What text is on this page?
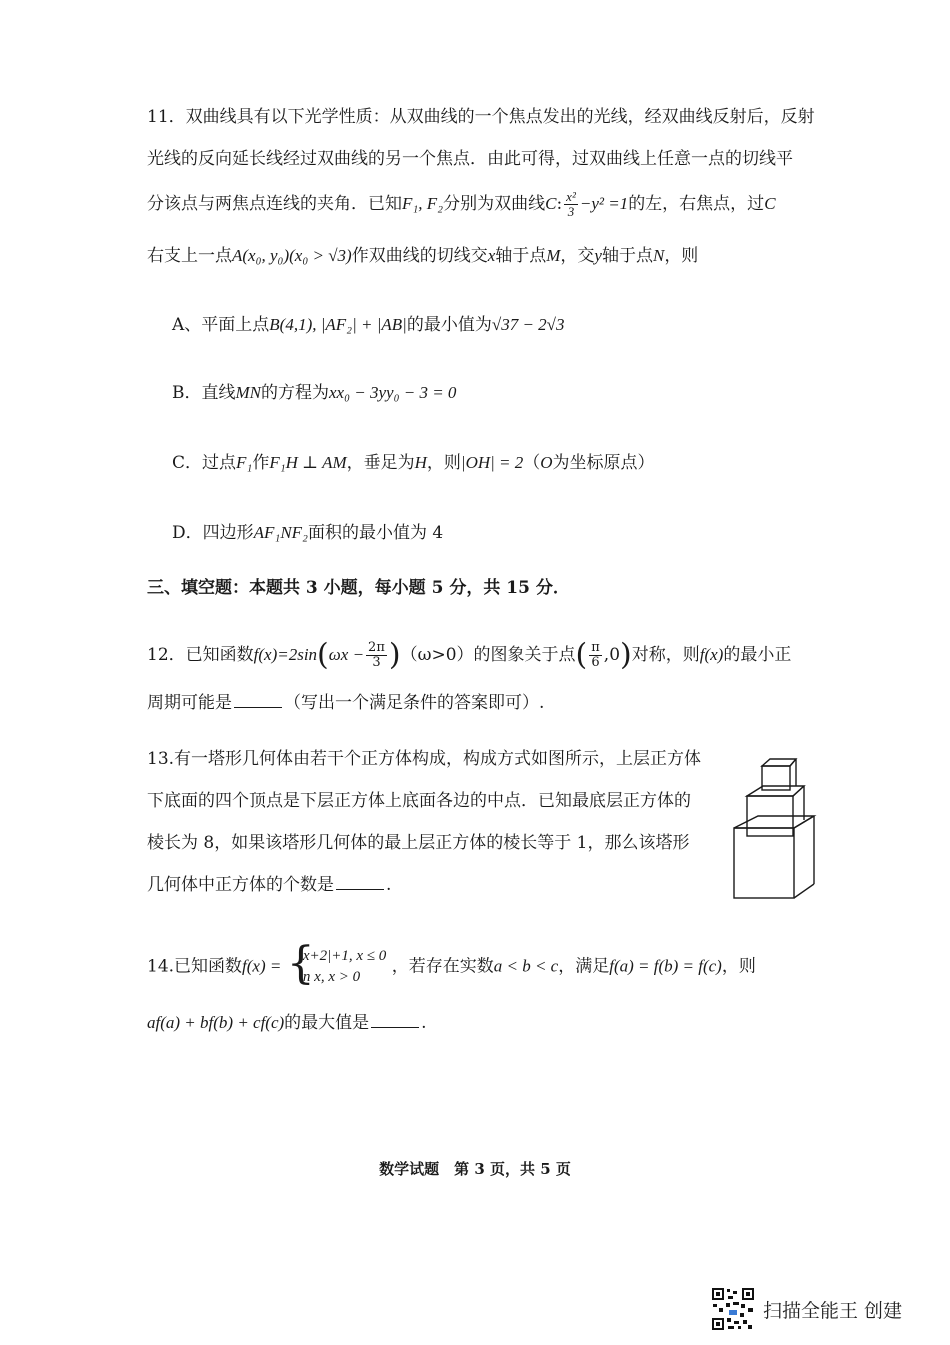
11．双曲线具有以下光学性质：从双曲线的一个焦点发出的光线，经双曲线反射后，反射
光线的反向延长线经过双曲线的另一个焦点．由此可得，过双曲线上任意一点的切线平
分该点与两焦点连线的夹角．已知F₁, F₂分别为双曲线C: $\frac{\text{x²}}{3} -y^2 =1$的左，右焦点，过C
右支上一点A(x₀, y₀)(x₀ > √3)作双曲线的切线交x轴于点M，交y轴于点N，则
A、平面上点B(4,1), |AF₂| + |AB|的最小值为√37 − 2√3
B．直线MN的方程为xx₀ − 3yy₀ − 3 = 0
C．过点F₁作F₁H ⊥ AM，垂足为H，则|OH| = 2（O为坐标原点）
D．四边形AF₁NF₂面积的最小值为 4
三、填空题：本题共 3 小题，每小题 5 分，共 15 分．
12．已知函数$f(x)=2\sin(\omega x - \frac{2\pi}{3} )(\omega>0)$的图象关于点( $\frac{\pi}{6} ,0$)对称，则f(x)的最小正
周期可能是	（写出一个满足条件的答案即可）.
13.有一塔形几何体由若干个正方体构成，构成方式如图所示，上层正方体
下底面的四个顶点是下层正方体上底面各边的中点．已知最底层正方体的
棱长为 8，如果该塔形几何体的最上层正方体的棱长等于 1，那么该塔形
几何体中正方体的个数是	.
14.已知函数f(x) = {
|x+2|+1, x ≤ 0
ln x, x > 0
，若存在实数a < b < c，满足f(a) = f(b) = f(c)，则
af(a) + bf(b) + cf(c)的最大值是	.
数学试题　第 3 页，共 5 页
扫描全能王 创建
